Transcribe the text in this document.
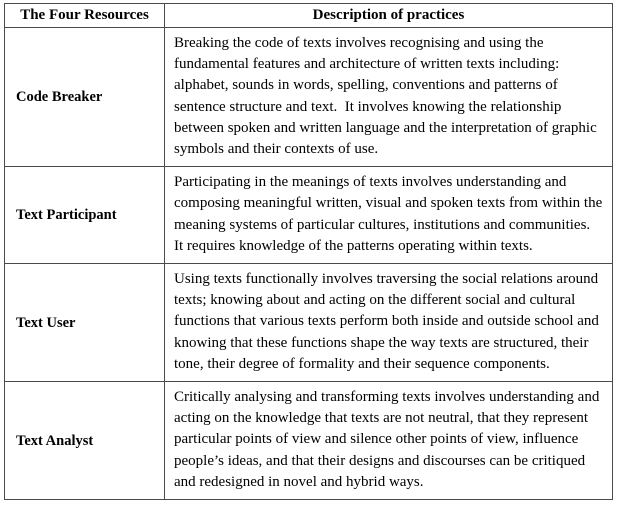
The Four Resources	Description of practices
Code Breaker	Breaking the code of texts involves recognising and using the fundamental features and architecture of written texts including: alphabet, sounds in words, spelling, conventions and patterns of sentence structure and text.  It involves knowing the relationship between spoken and written language and the interpretation of graphic symbols and their contexts of use.

Text Participant	Participating in the meanings of texts involves understanding and composing meaningful written, visual and spoken texts from within the meaning systems of particular cultures, institutions and communities.  It requires knowledge of the patterns operating within texts.

Text User	Using texts functionally involves traversing the social relations around texts; knowing about and acting on the different social and cultural functions that various texts perform both inside and outside school and knowing that these functions shape the way texts are structured, their tone, their degree of formality and their sequence components.

Text Analyst	Critically analysing and transforming texts involves understanding and acting on the knowledge that texts are not neutral, that they represent particular points of view and silence other points of view, influence people’s ideas, and that their designs and discourses can be critiqued and redesigned in novel and hybrid ways.
